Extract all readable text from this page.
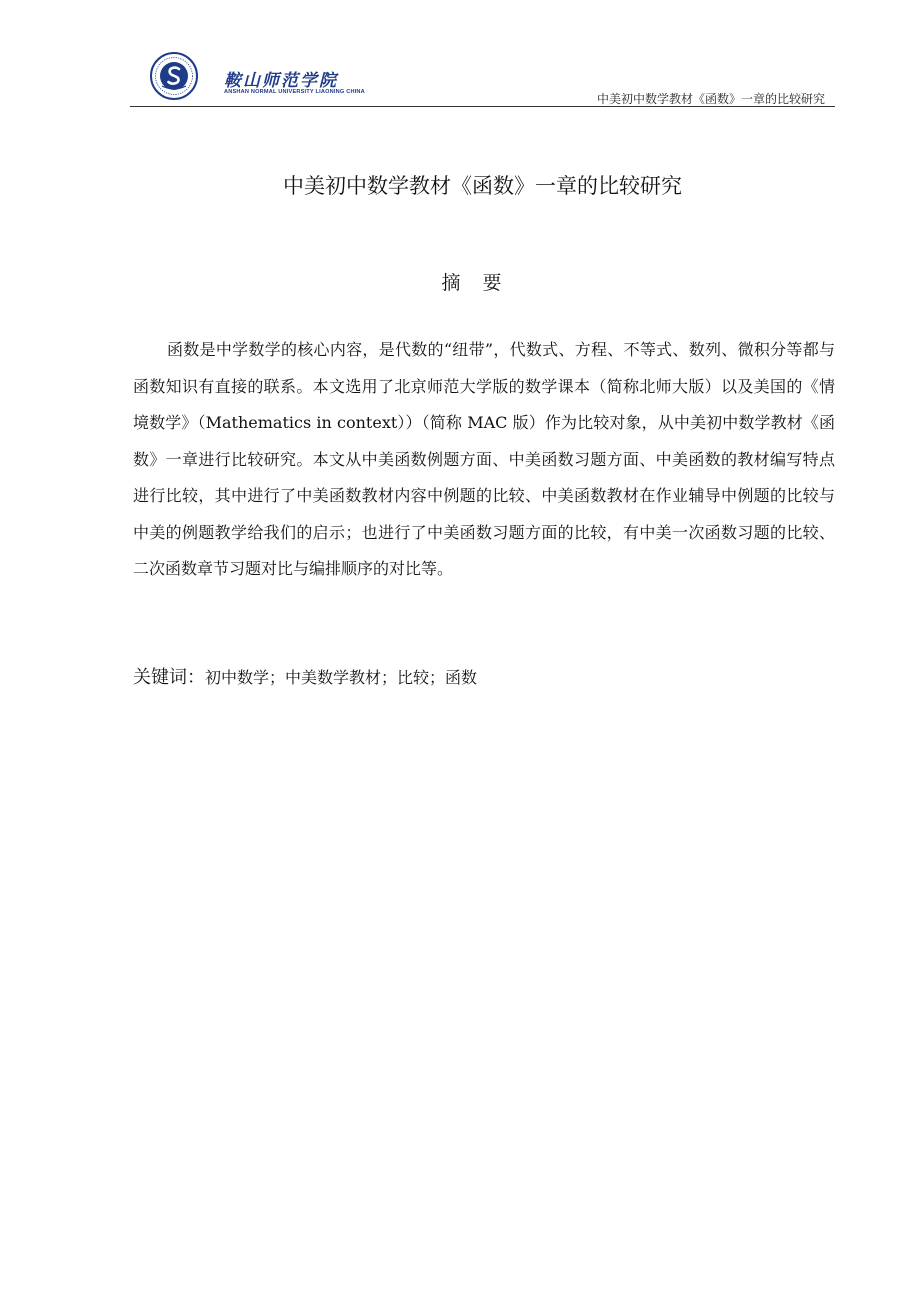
鞍山师范学院
ANSHAN NORMAL UNIVERSITY LIAONING CHINA	中美初中数学教材《函数》一章的比较研究
中美初中数学教材《函数》一章的比较研究
摘要

函数是中学数学的核心内容，是代数的“纽带”，代数式、方程、不等式、数列、微积分等都与函数知识有直接的联系。本文选用了北京师范大学版的数学课本（简称北师大版）以及美国的《情境数学》（Mathematics in context））（简称 MAC 版）作为比较对象，从中美初中数学教材《函数》一章进行比较研究。本文从中美函数例题方面、中美函数习题方面、中美函数的教材编写特点进行比较，其中进行了中美函数教材内容中例题的比较、中美函数教材在作业辅导中例题的比较与中美的例题教学给我们的启示；也进行了中美函数习题方面的比较，有中美一次函数习题的比较、二次函数章节习题对比与编排顺序的对比等。

关键词：初中数学；中美数学教材；比较；函数
